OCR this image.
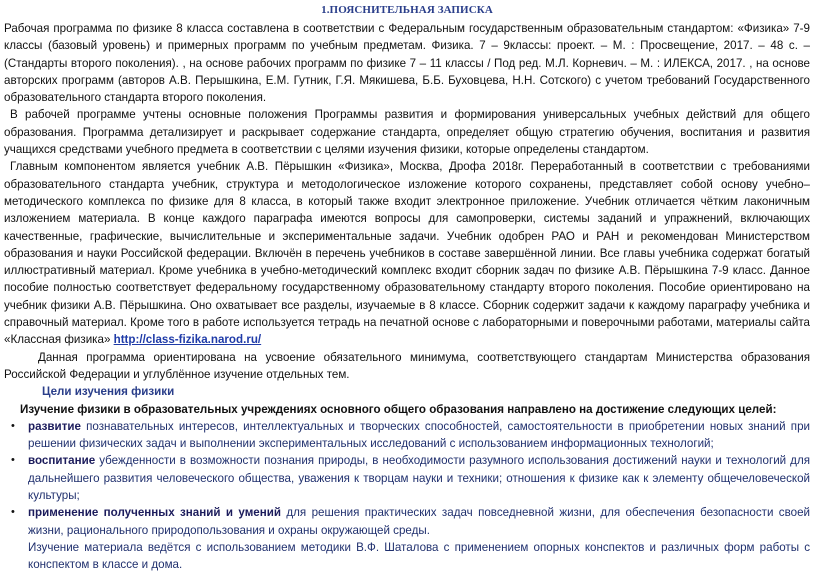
1.ПОЯСНИТЕЛЬНАЯ ЗАПИСКА

Рабочая программа по физике 8 класса составлена в соответствии с Федеральным государственным образовательным стандартом: «Физика» 7-9 классы (базовый уровень) и примерных программ по учебным предметам. Физика. 7 – 9классы: проект. – М. : Просвещение, 2017. – 48 с. – (Стандарты второго поколения). , на основе рабочих программ по физике 7 – 11 классы / Под ред. М.Л. Корневич. – М. : ИЛЕКСА, 2017. , на основе авторских программ (авторов А.В. Перышкина, Е.М. Гутник, Г.Я. Мякишева, Б.Б. Буховцева, Н.Н. Сотского) с учетом требований Государственного образовательного стандарта второго поколения.

В рабочей программе учтены основные положения Программы развития и формирования универсальных учебных действий для общего образования. Программа детализирует и раскрывает содержание стандарта, определяет общую стратегию обучения, воспитания и развития учащихся средствами учебного предмета в соответствии с целями изучения физики, которые определены стандартом.

Главным компонентом является учебник А.В. Пёрышкин «Физика», Москва, Дрофа 2018г. Переработанный в соответствии с требованиями образовательного стандарта учебник, структура и методологическое изложение которого сохранены, представляет собой основу учебно–методического комплекса по физике для 8 класса, в который также входит электронное приложение. Учебник отличается чётким лаконичным изложением материала. В конце каждого параграфа имеются вопросы для самопроверки, системы заданий и упражнений, включающих качественные, графические, вычислительные и экспериментальные задачи. Учебник одобрен РАО и РАН и рекомендован Министерством образования и науки Российской федерации. Включён в перечень учебников в составе завершённой линии. Все главы учебника содержат богатый иллюстративный материал. Кроме учебника в учебно-методический комплекс входит сборник задач по физике А.В. Пёрышкина 7-9 класс. Данное пособие полностью соответствует федеральному государственному образовательному стандарту второго поколения. Пособие ориентировано на учебник физики А.В. Пёрышкина. Оно охватывает все разделы, изучаемые в 8 классе. Сборник содержит задачи к каждому параграфу учебника и справочный материал. Кроме того в работе используется тетрадь на печатной основе с лабораторными и поверочными работами, материалы сайта «Классная физика» http://class-fizika.narod.ru/

Данная программа ориентирована на усвоение обязательного минимума, соответствующего стандартам Министерства образования Российской Федерации и углублённое изучение отдельных тем.

Цели изучения физики
Изучение физики в образовательных учреждениях основного общего образования направлено на достижение следующих целей:
• развитие познавательных интересов, интеллектуальных и творческих способностей, самостоятельности в приобретении новых знаний при решении физических задач и выполнении экспериментальных исследований с использованием информационных технологий;
• воспитание убежденности в возможности познания природы, в необходимости разумного использования достижений науки и технологий для дальнейшего развития человеческого общества, уважения к творцам науки и техники; отношения к физике как к элементу общечеловеческой культуры;
• применение полученных знаний и умений для решения практических задач повседневной жизни, для обеспечения безопасности своей жизни, рационального природопользования и охраны окружающей среды.
Изучение материала ведётся с использованием методики В.Ф. Шаталова с применением опорных конспектов и различных форм работы с конспектом в классе и дома.
